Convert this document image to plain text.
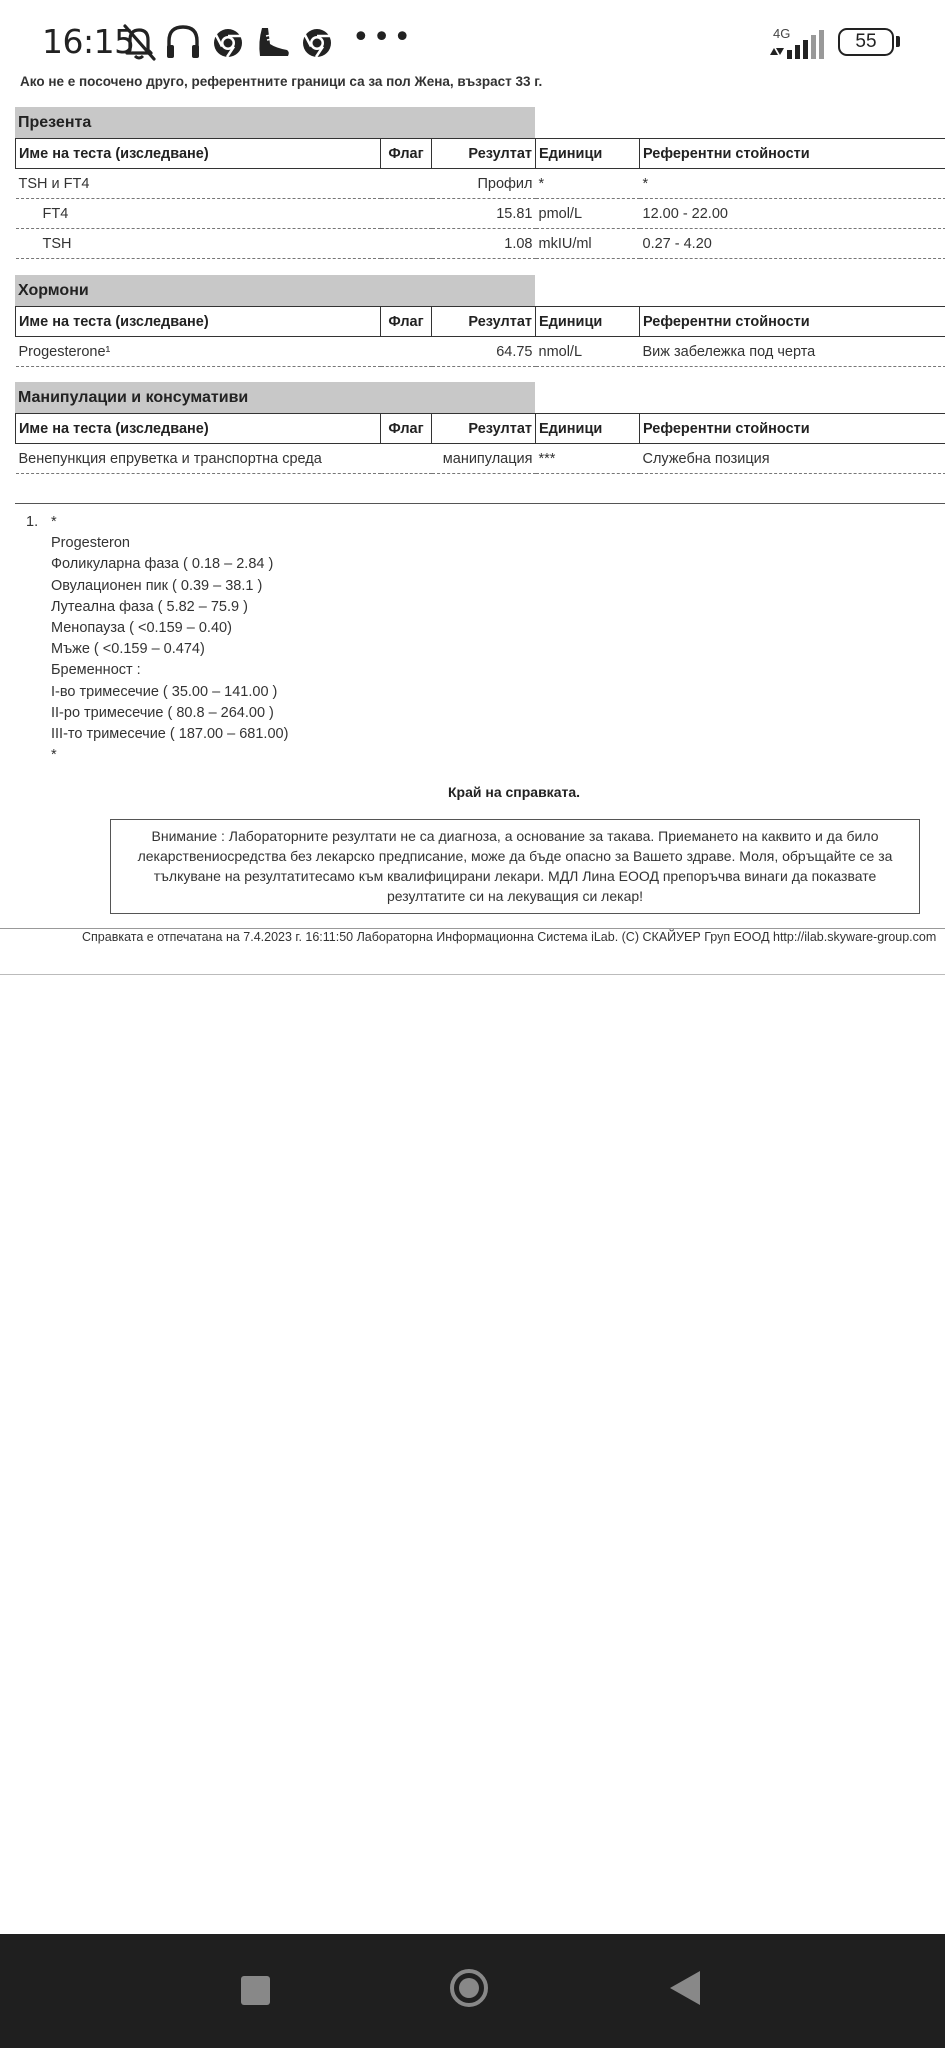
16:15	•••	4G	55
Ако не е посочено друго, референтните граници са за пол Жена, възраст 33 г.
Презента
Име на теста (изследване)	Флаг	Резултат	Единици	Референтни стойности
TSH и FT4		Профил	*	*
FT4		15.81	pmol/L	12.00 - 22.00
TSH		1.08	mkIU/ml	0.27 - 4.20
Хормони
Име на теста (изследване)	Флаг	Резултат	Единици	Референтни стойности
Progesterone¹		64.75	nmol/L	Виж забележка под черта
Манипулации и консумативи
Име на теста (изследване)	Флаг	Резултат	Единици	Референтни стойности
Венепункция епруветка и транспортна среда		манипулация	***	Служебна позиция
1. *
Progesteron
Фоликуларна фаза ( 0.18 – 2.84 )
Овулационен пик ( 0.39 – 38.1 )
Лутеална фаза ( 5.82 – 75.9 )
Менопауза ( <0.159 – 0.40)
Мъже ( <0.159 – 0.474)
Бременност :
I-во тримесечие ( 35.00 – 141.00 )
II-ро тримесечие ( 80.8 – 264.00 )
III-то тримесечие ( 187.00 – 681.00)
*
Край на справката.
Внимание : Лабораторните резултати не са диагноза, а основание за такава. Приемането на каквито и да било лекарствениосредства без лекарско предписание, може да бъде опасно за Вашето здраве. Моля, обръщайте се за тълкуване на резултатитесамо към квалифицирани лекари. МДЛ Лина ЕООД препоръчва винаги да показвате резултатите си на лекуващия си лекар!
Справката е отпечатана на 7.4.2023 г. 16:11:50 Лабораторна Информационна Система iLab. (C) СКАЙУЕР Груп ЕООД http://ilab.skyware-group.com
